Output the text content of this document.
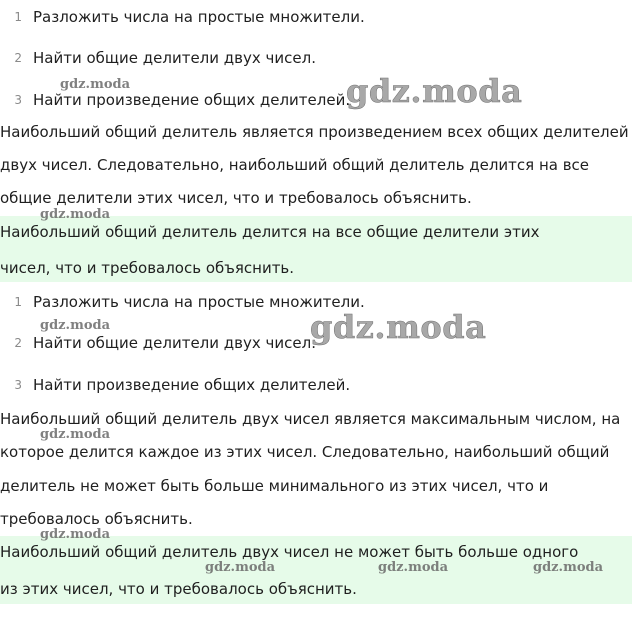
1 Разложить числа на простые множители.
2 Найти общие делители двух чисел.
3 Найти произведение общих делителей.
Наибольший общий делитель является произведением всех общих делителей
двух чисел. Следовательно, наибольший общий делитель делится на все
общие делители этих чисел, что и требовалось объяснить.
Наибольший общий делитель делится на все общие делители этих
чисел, что и требовалось объяснить.
1 Разложить числа на простые множители.
2 Найти общие делители двух чисел.
3 Найти произведение общих делителей.
Наибольший общий делитель двух чисел является максимальным числом, на
которое делится каждое из этих чисел. Следовательно, наибольший общий
делитель не может быть больше минимального из этих чисел, что и
требовалось объяснить.
Наибольший общий делитель двух чисел не может быть больше одного
из этих чисел, что и требовалось объяснить.
gdz.moda	gdz.moda
gdz.moda
gdz.moda	gdz.moda
gdz.moda
gdz.moda
gdz.moda	gdz.moda	gdz.moda
